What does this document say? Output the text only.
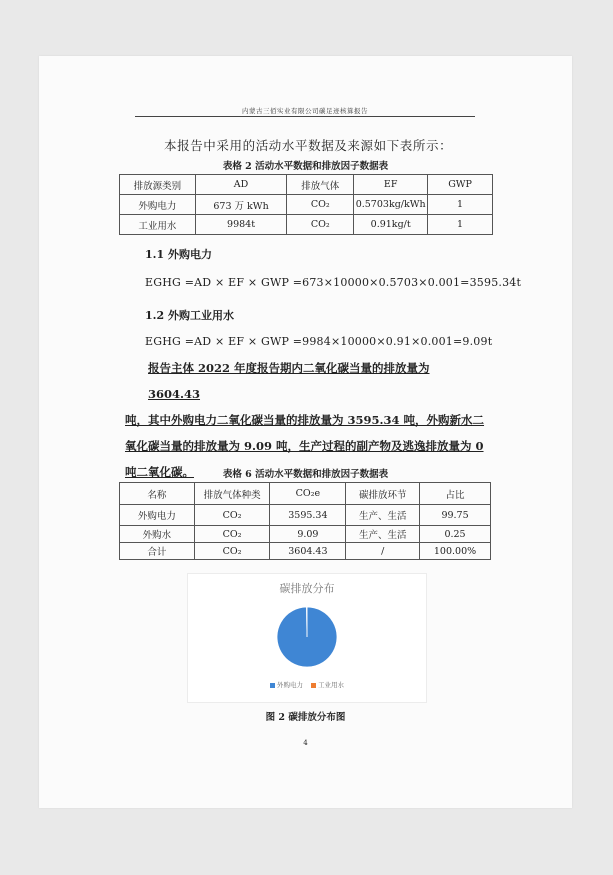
内蒙古三佰实业有限公司碳足迹核算报告
本报告中采用的活动水平数据及来源如下表所示：
表格 2 活动水平数据和排放因子数据表
排放源类别	AD	排放气体	EF	GWP
外购电力	673 万 kWh	CO₂	0.5703kg/kWh	1
工业用水	9984t	CO₂	0.91kg/t	1
1.1 外购电力
EGHG =AD × EF × GWP =673×10000×0.5703×0.001=3595.34t
1.2 外购工业用水
EGHG =AD × EF × GWP =9984×10000×0.91×0.001=9.09t

报告主体 2022 年度报告期内二氧化碳当量的排放量为 3604.43

吨，其中外购电力二氧化碳当量的排放量为 3595.34 吨，外购新水二

氧化碳当量的排放量为 9.09 吨，生产过程的副产物及逃逸排放量为 0

吨二氧化碳。	表格 6 活动水平数据和排放因子数据表
名称	排放气体种类	CO₂e	碳排放环节	占比
外购电力	CO₂	3595.34	生产、生活	99.75
外购水	CO₂	9.09	生产、生活	0.25
合计	CO₂	3604.43	/	100.00%
碳排放分布
外购电力 工业用水
图 2 碳排放分布图
4
